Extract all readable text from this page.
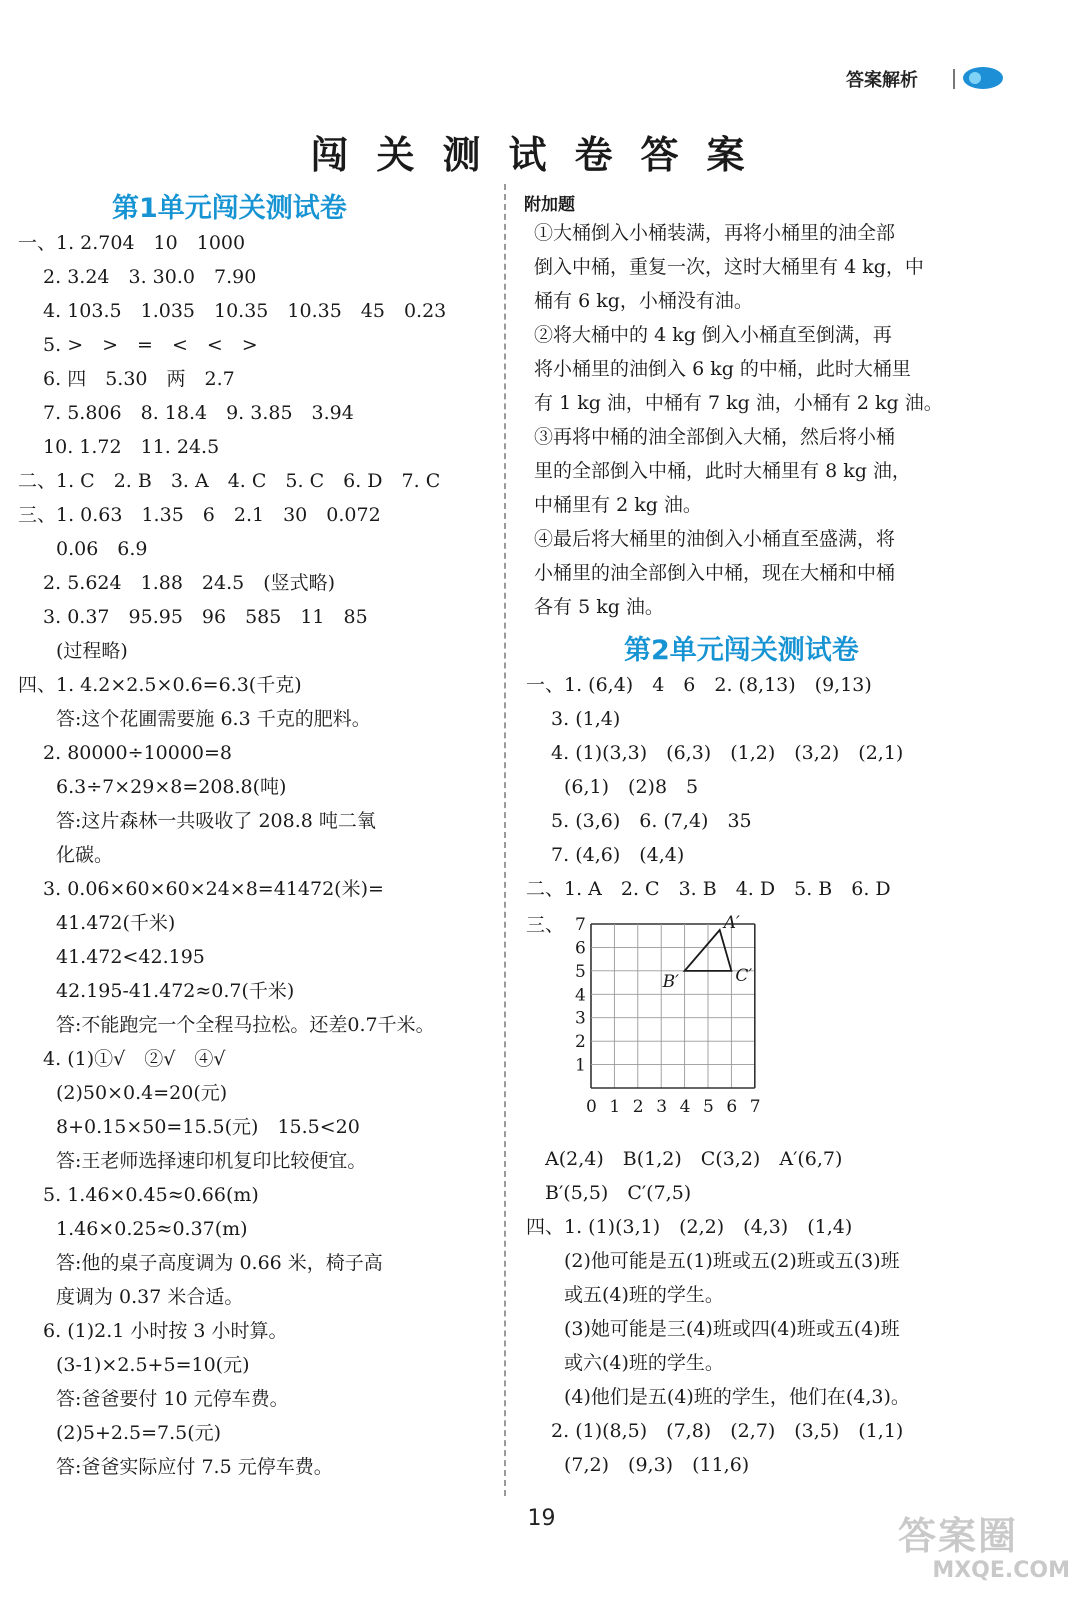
答案解析
闯关测试卷答案
第1单元闯关测试卷
一、1. 2.704　10　1000
　 2. 3.24　3. 30.0　7.90
　 4. 103.5　1.035　10.35　10.35　45　0.23
　 5. >　>　=　<　<　>
　 6. 四　5.30　两　2.7
　 7. 5.806　8. 18.4　9. 3.85　3.94
　 10. 1.72　11. 24.5
二、1. C　2. B　3. A　4. C　5. C　6. D　7. C
三、1. 0.63　1.35　6　2.1　30　0.072
　　0.06　6.9
　 2. 5.624　1.88　24.5　(竖式略)
　 3. 0.37　95.95　96　585　11　85
　　(过程略)
四、1. 4.2×2.5×0.6=6.3(千克)
　　答:这个花圃需要施 6.3 千克的肥料。
　 2. 80000÷10000=8
　　6.3÷7×29×8=208.8(吨)
　　答:这片森林一共吸收了 208.8 吨二氧
　　化碳。
　 3. 0.06×60×60×24×8=41472(米)=
　　41.472(千米)
　　41.472<42.195
　　42.195-41.472≈0.7(千米)
　　答:不能跑完一个全程马拉松。还差0.7千米。
　 4. (1)①√　②√　④√
　　(2)50×0.4=20(元)
　　8+0.15×50=15.5(元)　15.5<20
　　答:王老师选择速印机复印比较便宜。
　 5. 1.46×0.45≈0.66(m)
　　1.46×0.25≈0.37(m)
　　答:他的桌子高度调为 0.66 米，椅子高
　　度调为 0.37 米合适。
　 6. (1)2.1 小时按 3 小时算。
　　(3-1)×2.5+5=10(元)
　　答:爸爸要付 10 元停车费。
　　(2)5+2.5=7.5(元)
　　答:爸爸实际应付 7.5 元停车费。
附加题
①大桶倒入小桶装满，再将小桶里的油全部
倒入中桶，重复一次，这时大桶里有 4 kg，中
桶有 6 kg，小桶没有油。
②将大桶中的 4 kg 倒入小桶直至倒满，再
将小桶里的油倒入 6 kg 的中桶，此时大桶里
有 1 kg 油，中桶有 7 kg 油，小桶有 2 kg 油。
③再将中桶的油全部倒入大桶，然后将小桶
里的全部倒入中桶，此时大桶里有 8 kg 油，
中桶里有 2 kg 油。
④最后将大桶里的油倒入小桶直至盛满，将
小桶里的油全部倒入中桶，现在大桶和中桶
各有 5 kg 油。
第2单元闯关测试卷
一、1. (6,4)　4　6　2. (8,13)　(9,13)
　 3. (1,4)
　 4. (1)(3,3)　(6,3)　(1,2)　(3,2)　(2,1)
　　(6,1)　(2)8　5
　 5. (3,6)　6. (7,4)　35
　 7. (4,6)　(4,4)
二、1. A　2. C　3. B　4. D　5. B　6. D
三、 7
6
5
4
3
2
1
0 1 2 3 4 5 6 7
A′
B′	C′
　A(2,4)　B(1,2)　C(3,2)　A′(6,7)
　B′(5,5)　C′(7,5)
四、1. (1)(3,1)　(2,2)　(4,3)　(1,4)
　　(2)他可能是五(1)班或五(2)班或五(3)班
　　或五(4)班的学生。
　　(3)她可能是三(4)班或四(4)班或五(4)班
　　或六(4)班的学生。
　　(4)他们是五(4)班的学生，他们在(4,3)。
　 2. (1)(8,5)　(7,8)　(2,7)　(3,5)　(1,1)
　　(7,2)　(9,3)　(11,6)
19	答案圈
MXQE.COM
